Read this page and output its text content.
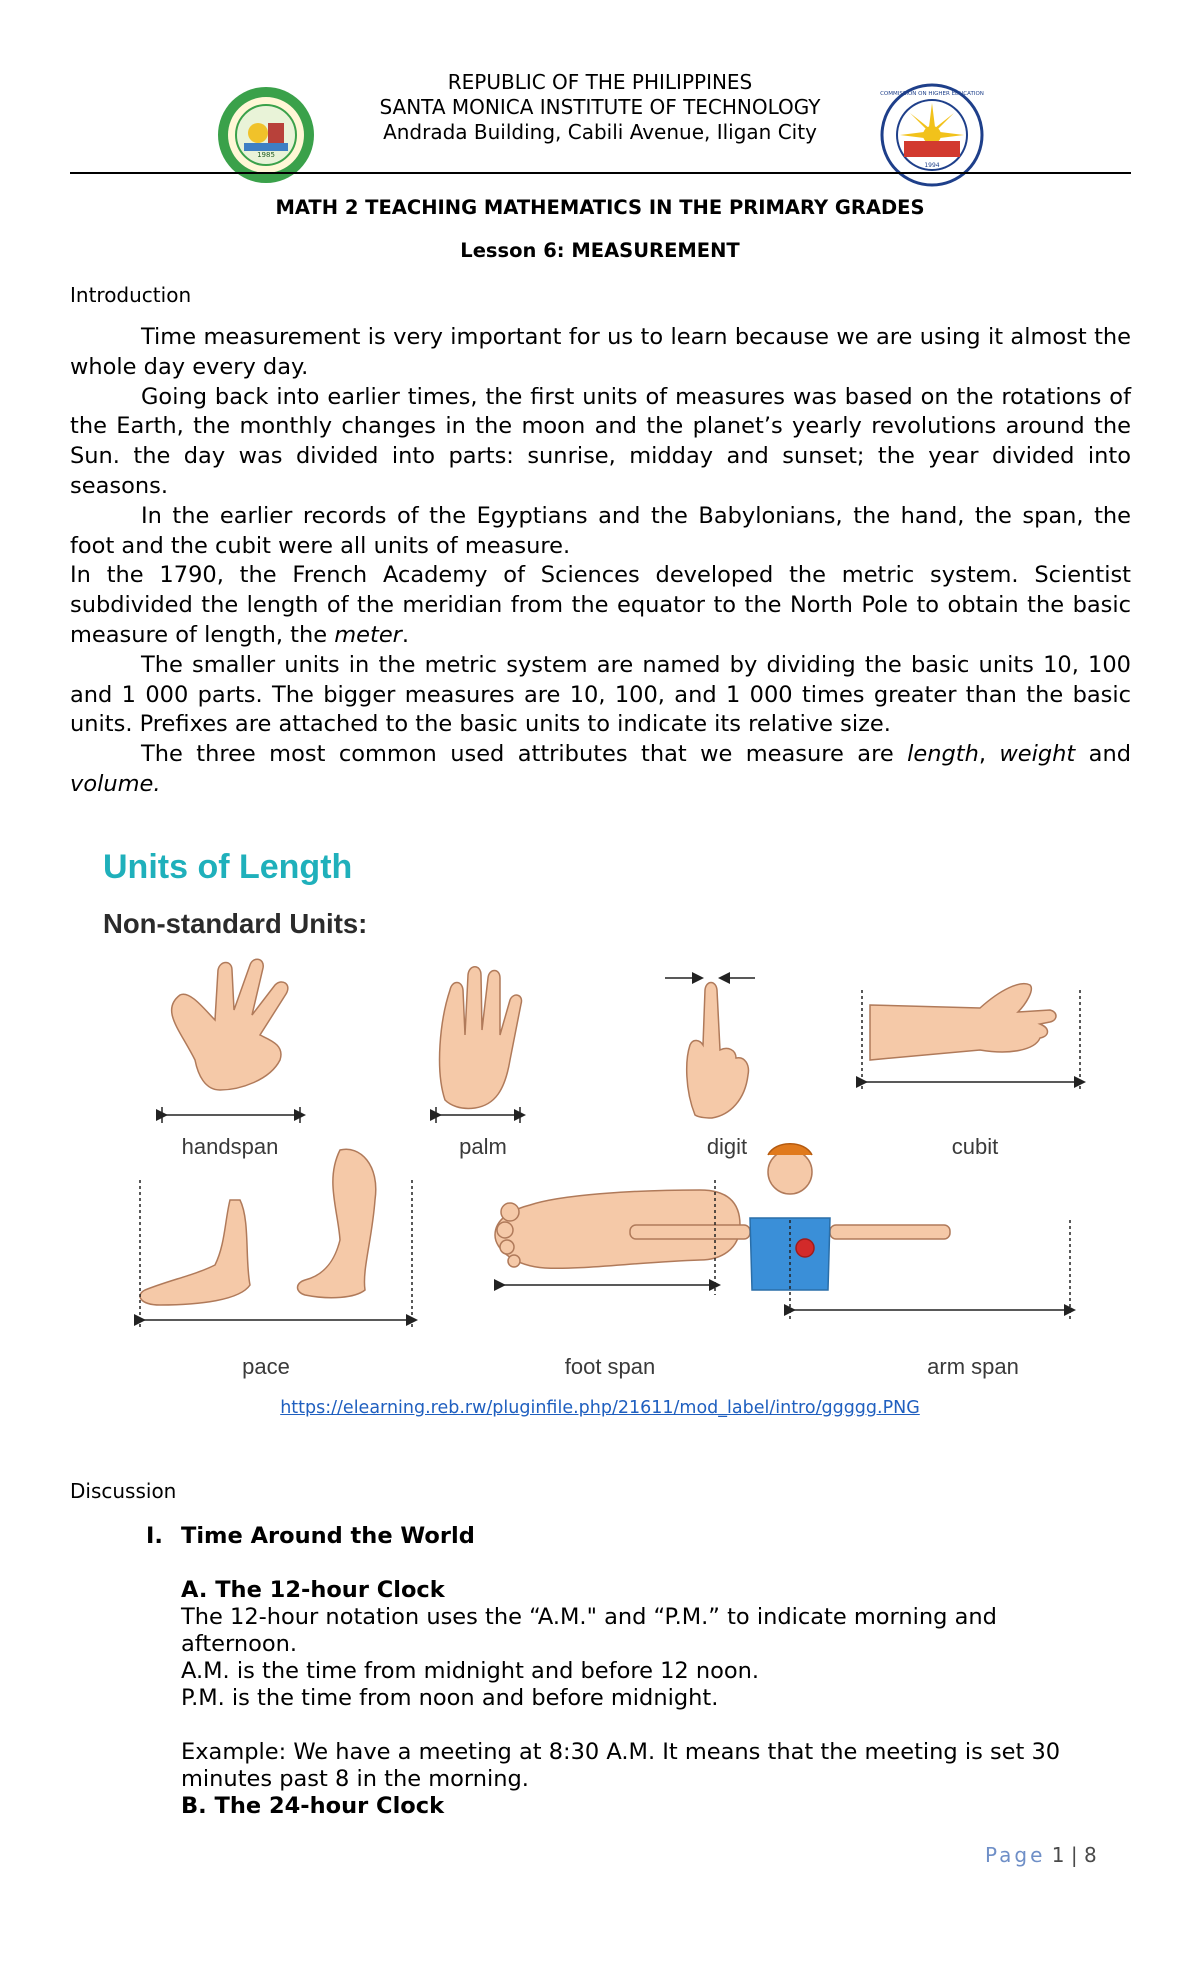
1985
1994
COMMISSION ON HIGHER EDUCATION
REPUBLIC OF THE PHILIPPINES
SANTA MONICA INSTITUTE OF TECHNOLOGY
Andrada Building, Cabili Avenue, Iligan City
MATH 2 TEACHING MATHEMATICS IN THE PRIMARY GRADES
Lesson 6: MEASUREMENT
Introduction

Time measurement is very important for us to learn because we are using it almost the whole day every day.

Going back into earlier times, the first units of measures was based on the rotations of the Earth, the monthly changes in the moon and the planet’s yearly revolutions around the Sun. the day was divided into parts: sunrise, midday and sunset; the year divided into seasons.

In the earlier records of the Egyptians and the Babylonians, the hand, the span, the foot and the cubit were all units of measure.

In the 1790, the French Academy of Sciences developed the metric system. Scientist subdivided the length of the meridian from the equator to the North Pole to obtain the basic measure of length, the meter.

The smaller units in the metric system are named by dividing the basic units 10, 100 and 1 000 parts. The bigger measures are 10, 100, and 1 000 times greater than the basic units. Prefixes are attached to the basic units to indicate its relative size.

The three most common used attributes that we measure are length, weight and volume.

Units of Length
Non-standard Units:
handspan	palm	digit	cubit
pace	foot span	arm span
https://elearning.reb.rw/pluginfile.php/21611/mod_label/intro/ggggg.PNG
Discussion
I. Time Around the World
A. The 12-hour Clock
The 12-hour notation uses the “A.M." and “P.M.” to indicate morning and afternoon.
A.M. is the time from midnight and before 12 noon.
P.M. is the time from noon and before midnight.
Example: We have a meeting at 8:30 A.M. It means that the meeting is set 30 minutes past 8 in the morning.
B. The 24-hour Clock
Page 1 | 8
